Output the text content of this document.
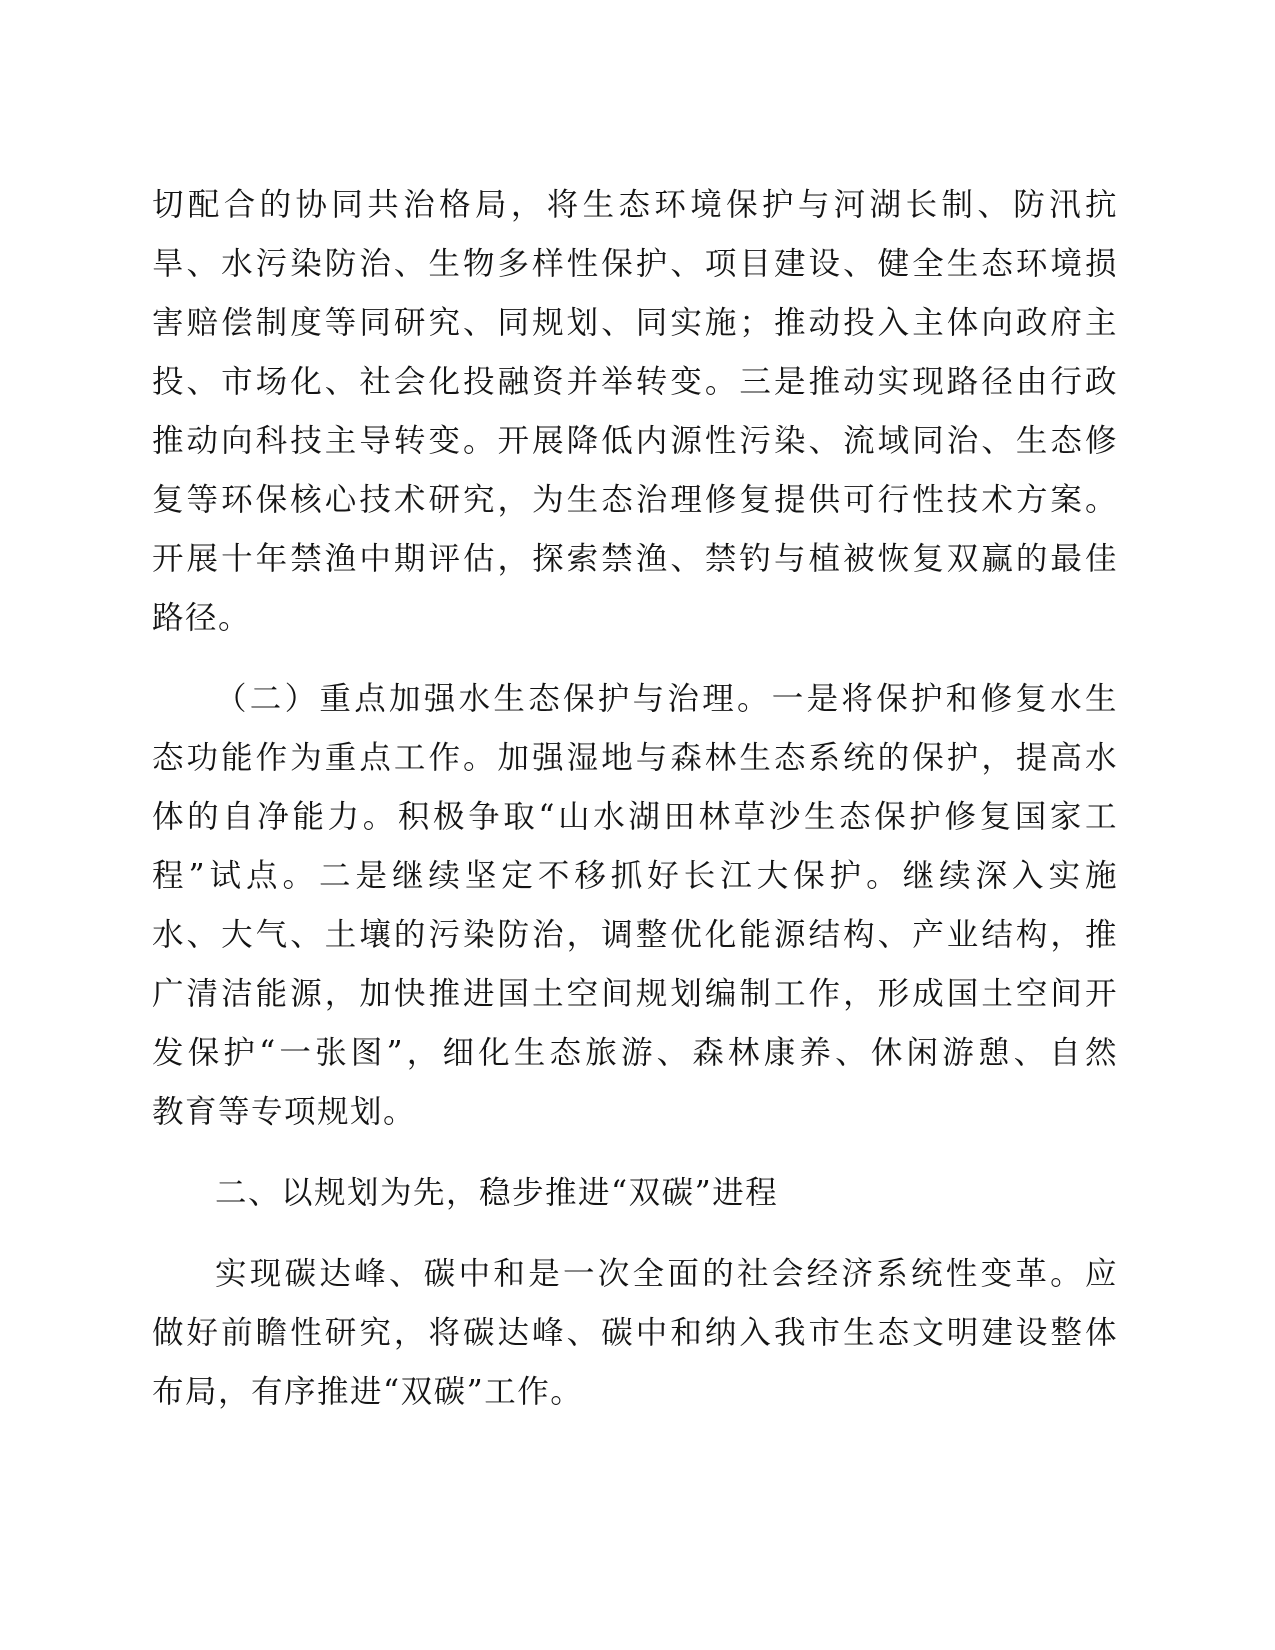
切配合的协同共治格局，将生态环境保护与河湖长制、防汛抗
旱、水污染防治、生物多样性保护、项目建设、健全生态环境损
害赔偿制度等同研究、同规划、同实施；推动投入主体向政府主
投、市场化、社会化投融资并举转变。三是推动实现路径由行政
推动向科技主导转变。开展降低内源性污染、流域同治、生态修
复等环保核心技术研究，为生态治理修复提供可行性技术方案。
开展十年禁渔中期评估，探索禁渔、禁钓与植被恢复双赢的最佳
路径。
（二）重点加强水生态保护与治理。一是将保护和修复水生
态功能作为重点工作。加强湿地与森林生态系统的保护，提高水
体的自净能力。积极争取“山水湖田林草沙生态保护修复国家工
程”试点。二是继续坚定不移抓好长江大保护。继续深入实施
水、大气、土壤的污染防治，调整优化能源结构、产业结构，推
广清洁能源，加快推进国土空间规划编制工作，形成国土空间开
发保护“一张图”，细化生态旅游、森林康养、休闲游憩、自然
教育等专项规划。
二、以规划为先，稳步推进“双碳”进程
实现碳达峰、碳中和是一次全面的社会经济系统性变革。应
做好前瞻性研究，将碳达峰、碳中和纳入我市生态文明建设整体
布局，有序推进“双碳”工作。
